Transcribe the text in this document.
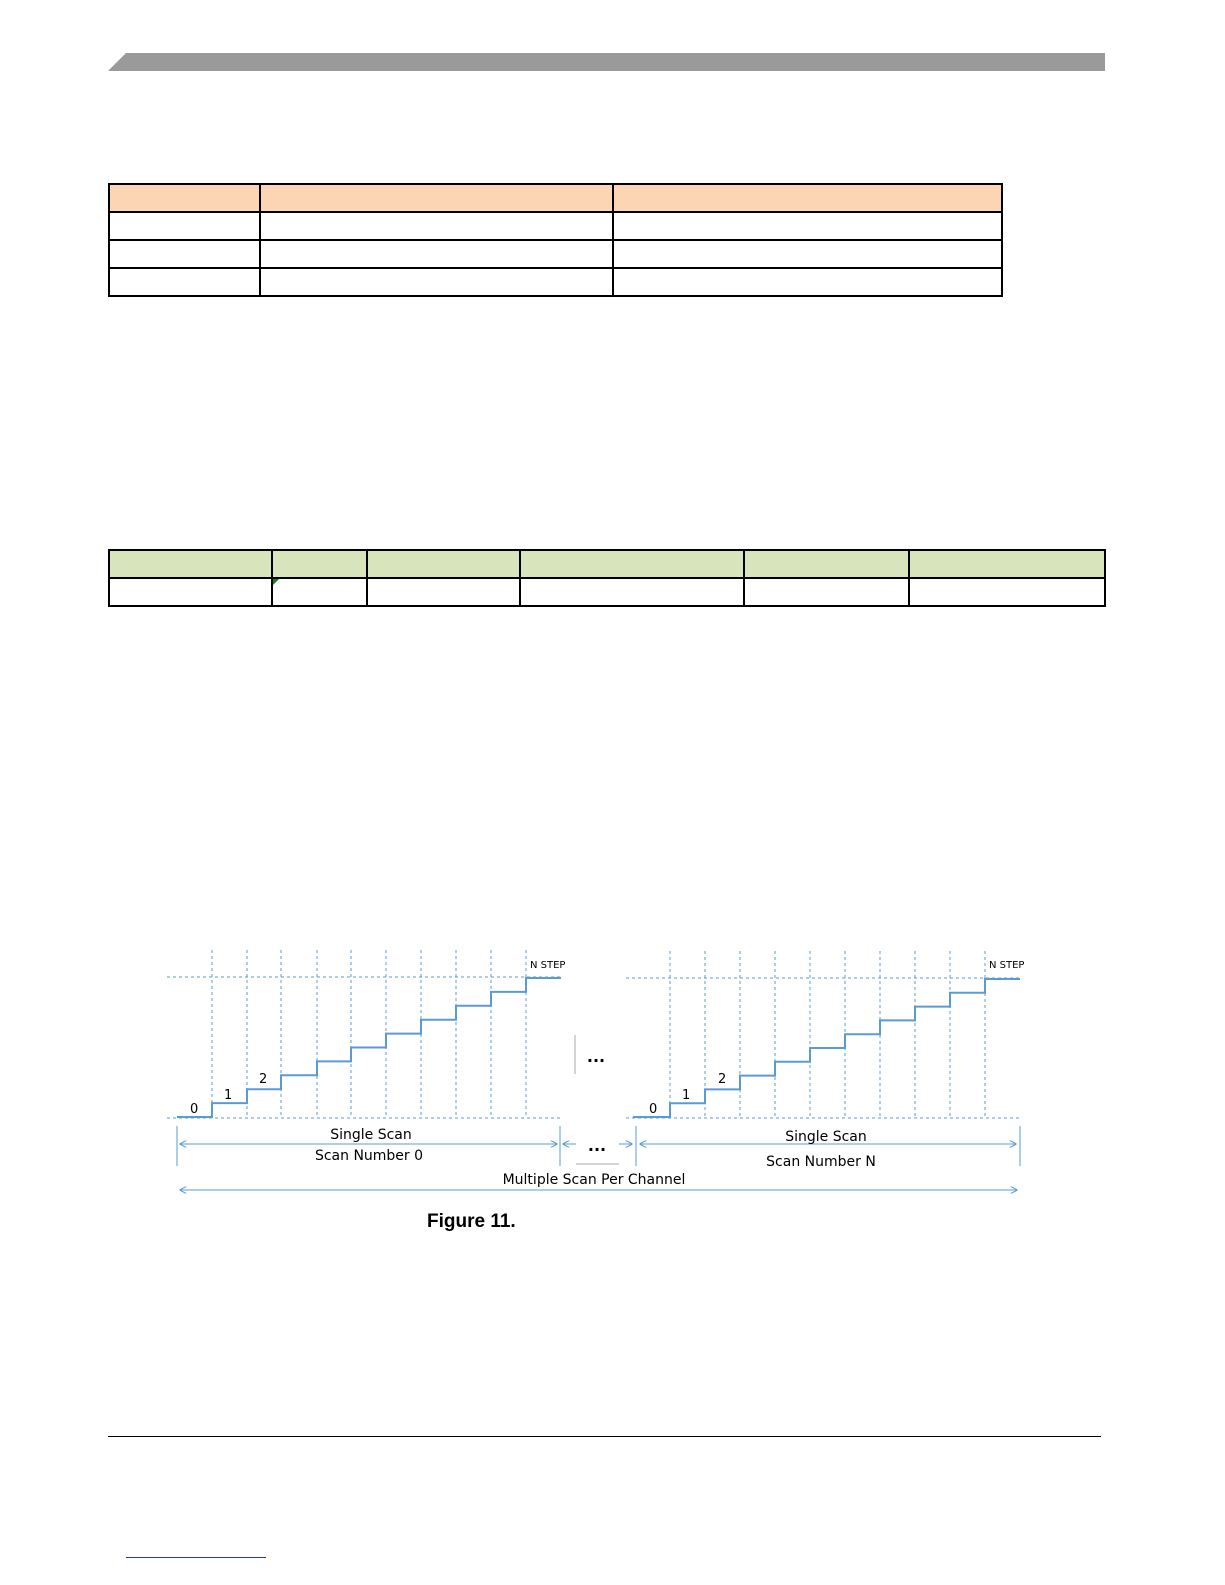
0
1
2
N STEP
Single Scan
Scan Number 0
...
...
0
1
2
N STEP
Single Scan
Scan Number N
Multiple Scan Per Channel
Figure 11.
